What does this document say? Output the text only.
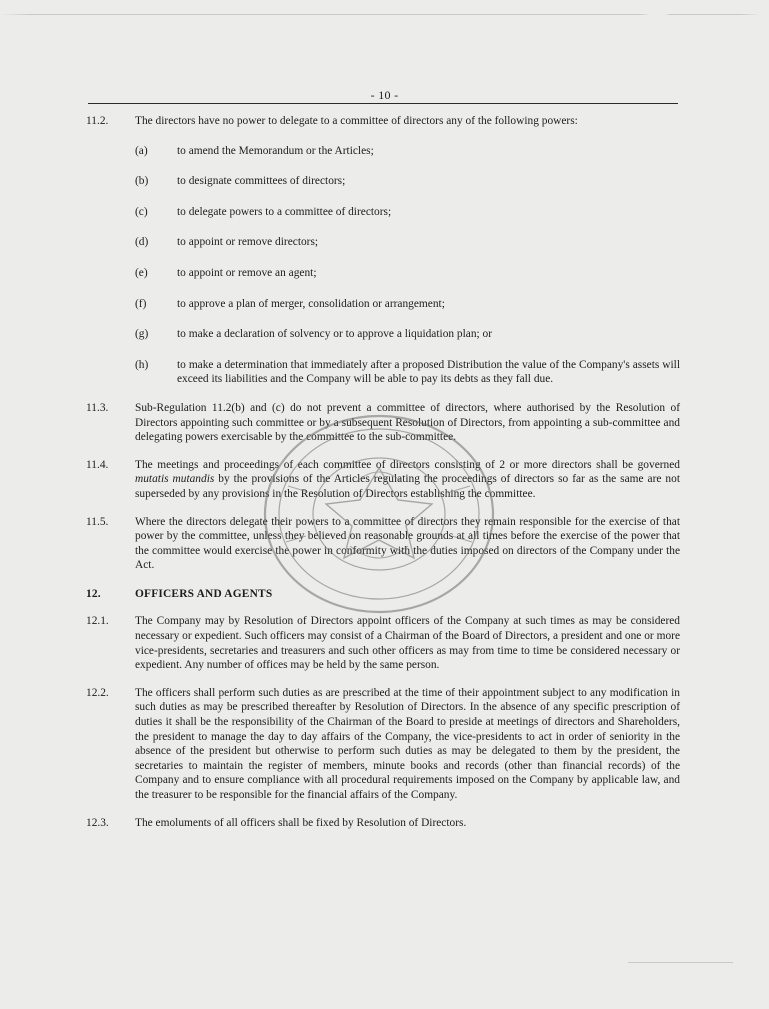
- 10 -
11.2.	The directors have no power to delegate to a committee of directors any of the following powers:
(a)	to amend the Memorandum or the Articles;
(b)	to designate committees of directors;
(c)	to delegate powers to a committee of directors;
(d)	to appoint or remove directors;
(e)	to appoint or remove an agent;
(f)	to approve a plan of merger, consolidation or arrangement;
(g)	to make a declaration of solvency or to approve a liquidation plan; or
(h)	to make a determination that immediately after a proposed Distribution the value of the Company's assets will exceed its liabilities and the Company will be able to pay its debts as they fall due.
11.3.	Sub-Regulation 11.2(b) and (c) do not prevent a committee of directors, where authorised by the Resolution of Directors appointing such committee or by a subsequent Resolution of Directors, from appointing a sub-committee and delegating powers exercisable by the committee to the sub-committee.
11.4.	The meetings and proceedings of each committee of directors consisting of 2 or more directors shall be governed mutatis mutandis by the provisions of the Articles regulating the proceedings of directors so far as the same are not superseded by any provisions in the Resolution of Directors establishing the committee.
11.5.	Where the directors delegate their powers to a committee of directors they remain responsible for the exercise of that power by the committee, unless they believed on reasonable grounds at all times before the exercise of the power that the committee would exercise the power in conformity with the duties imposed on directors of the Company under the Act.
12.	OFFICERS AND AGENTS
12.1.	The Company may by Resolution of Directors appoint officers of the Company at such times as may be considered necessary or expedient. Such officers may consist of a Chairman of the Board of Directors, a president and one or more vice-presidents, secretaries and treasurers and such other officers as may from time to time be considered necessary or expedient. Any number of offices may be held by the same person.
12.2.	The officers shall perform such duties as are prescribed at the time of their appointment subject to any modification in such duties as may be prescribed thereafter by Resolution of Directors. In the absence of any specific prescription of duties it shall be the responsibility of the Chairman of the Board to preside at meetings of directors and Shareholders, the president to manage the day to day affairs of the Company, the vice-presidents to act in order of seniority in the absence of the president but otherwise to perform such duties as may be delegated to them by the president, the secretaries to maintain the register of members, minute books and records (other than financial records) of the Company and to ensure compliance with all procedural requirements imposed on the Company by applicable law, and the treasurer to be responsible for the financial affairs of the Company.
12.3.	The emoluments of all officers shall be fixed by Resolution of Directors.
